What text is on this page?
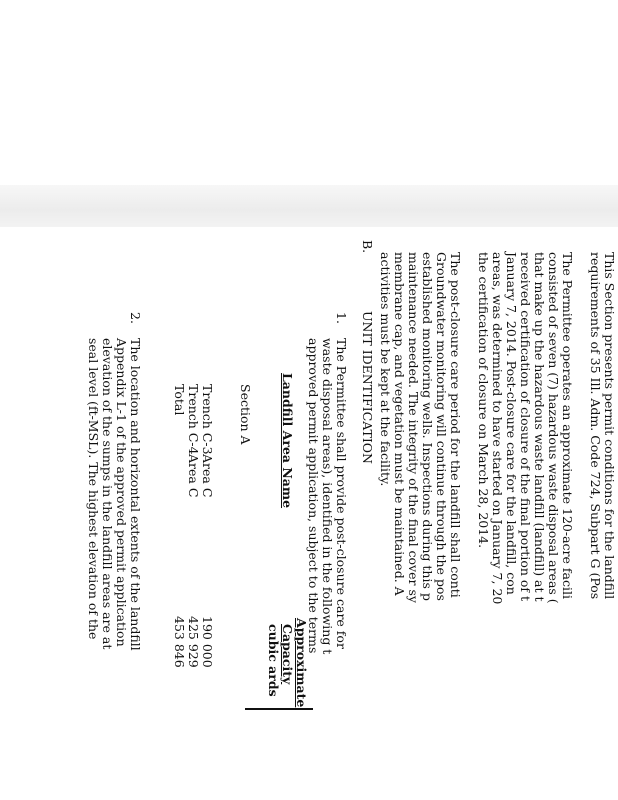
This Section presents permit conditions for the landfill
requirements of 35 Ill. Adm. Code 724, Subpart G (Pos
The Permittee operates an approximate 120-acre facili
consisted of seven (7) hazardous waste disposal areas (
that make up the hazardous waste landfill (landfill) at t
received certification of closure of the final portion of t
January 7, 2014. Post-closure care for the landfill, con
areas, was determined to have started on January 7, 20
the certification of closure on March 28, 2014.
The post-closure care period for the landfill shall conti
Groundwater monitoring will continue through the pos
established monitoring wells. Inspections during this p
maintenance needed. The integrity of the final cover sy
membrane cap, and vegetation must be maintained. A
activities must be kept at the facility.
B.
UNIT IDENTIFICATION
1.
The Permittee shall provide post-closure care for
waste disposal areas), identified in the following t
approved permit application, subject to the terms
Approximate
Capacity
cubic ards
Landfill Area Name
Section A
Trench C-3
Area C
190 000
Trench C-4
Area C
425 929
Total
453 846
2.
The location and horizontal extents of the landfill
Appendix L-1 of the approved permit application
elevation of the sumps in the landfill areas are at
seal level (ft-MSL). The highest elevation of the
